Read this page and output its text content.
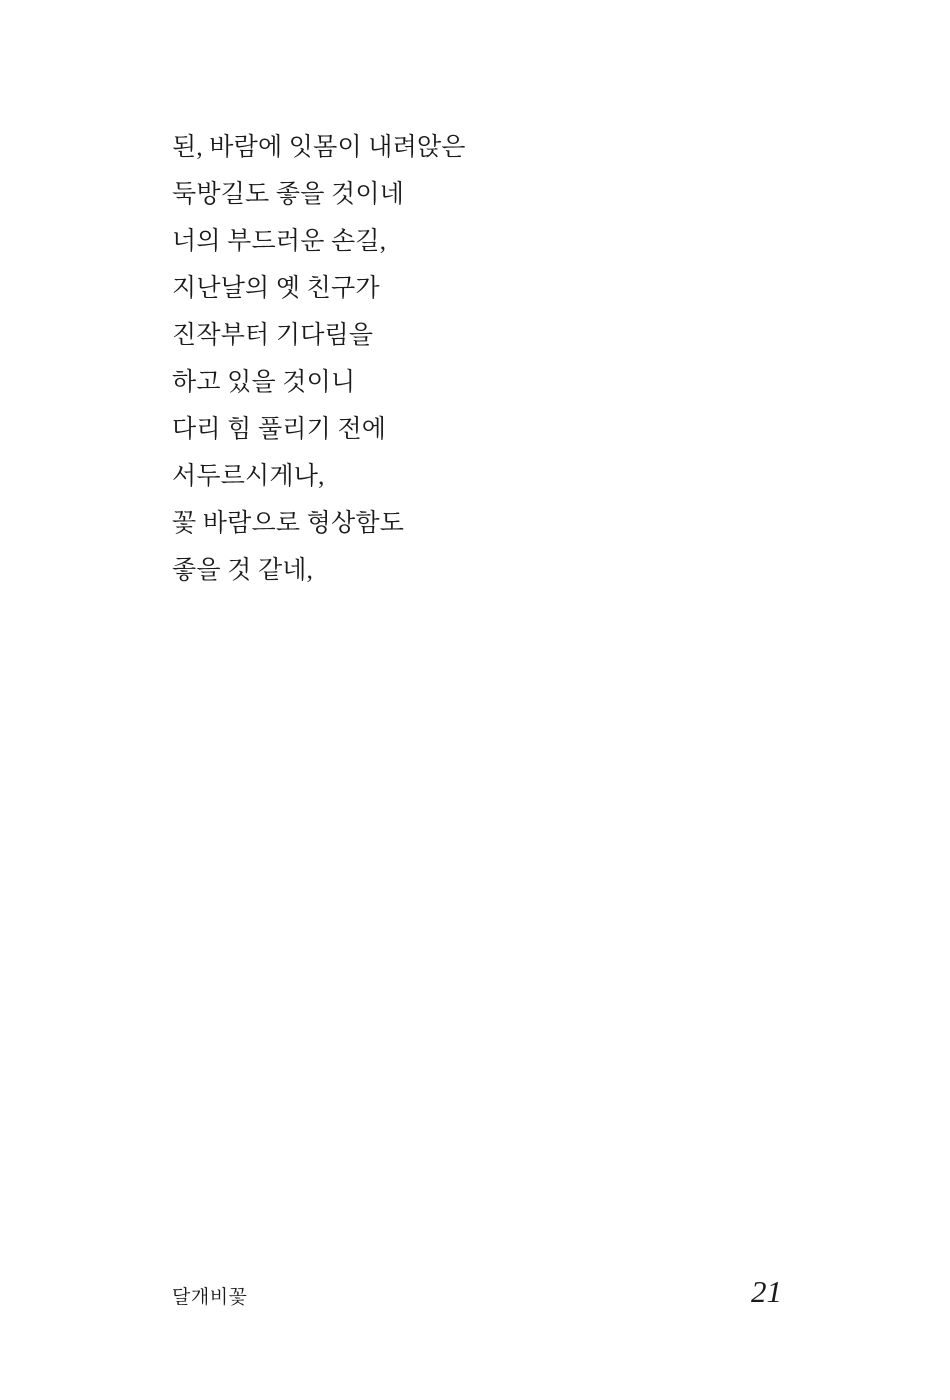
된, 바람에 잇몸이 내려앉은
둑방길도 좋을 것이네
너의 부드러운 손길,
지난날의 옛 친구가
진작부터 기다림을
하고 있을 것이니
다리 힘 풀리기 전에
서두르시게나,
꽃 바람으로 형상함도
좋을 것 같네,
달개비꽃	21
